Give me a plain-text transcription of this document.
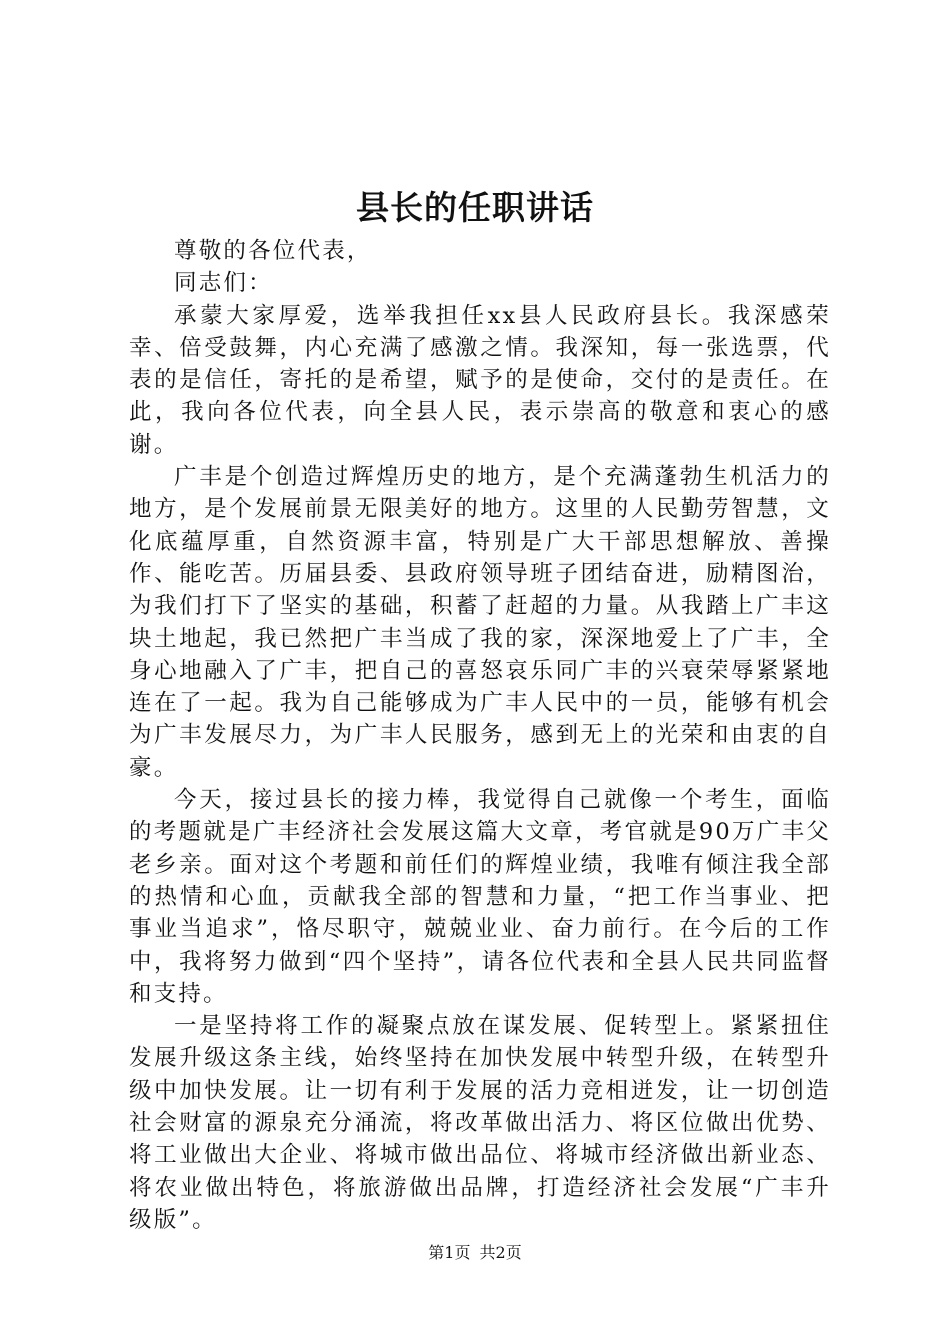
县长的任职讲话

尊敬的各位代表，

同志们：

承蒙大家厚爱，选举我担任xx县人民政府县长。我深感荣幸、倍受鼓舞，内心充满了感激之情。我深知，每一张选票，代表的是信任，寄托的是希望，赋予的是使命，交付的是责任。在此，我向各位代表，向全县人民，表示崇高的敬意和衷心的感谢。

广丰是个创造过辉煌历史的地方，是个充满蓬勃生机活力的地方，是个发展前景无限美好的地方。这里的人民勤劳智慧，文化底蕴厚重，自然资源丰富，特别是广大干部思想解放、善操作、能吃苦。历届县委、县政府领导班子团结奋进，励精图治，为我们打下了坚实的基础，积蓄了赶超的力量。从我踏上广丰这块土地起，我已然把广丰当成了我的家，深深地爱上了广丰，全身心地融入了广丰，把自己的喜怒哀乐同广丰的兴衰荣辱紧紧地连在了一起。我为自己能够成为广丰人民中的一员，能够有机会为广丰发展尽力，为广丰人民服务，感到无上的光荣和由衷的自豪。

今天，接过县长的接力棒，我觉得自己就像一个考生，面临的考题就是广丰经济社会发展这篇大文章，考官就是90万广丰父老乡亲。面对这个考题和前任们的辉煌业绩，我唯有倾注我全部的热情和心血，贡献我全部的智慧和力量，“把工作当事业、把事业当追求”，恪尽职守，兢兢业业、奋力前行。在今后的工作中，我将努力做到“四个坚持”，请各位代表和全县人民共同监督和支持。

一是坚持将工作的凝聚点放在谋发展、促转型上。紧紧扭住发展升级这条主线，始终坚持在加快发展中转型升级，在转型升级中加快发展。让一切有利于发展的活力竞相迸发，让一切创造社会财富的源泉充分涌流，将改革做出活力、将区位做出优势、将工业做出大企业、将城市做出品位、将城市经济做出新业态、将农业做出特色，将旅游做出品牌，打造经济社会发展“广丰升级版”。

第1页 共2页
